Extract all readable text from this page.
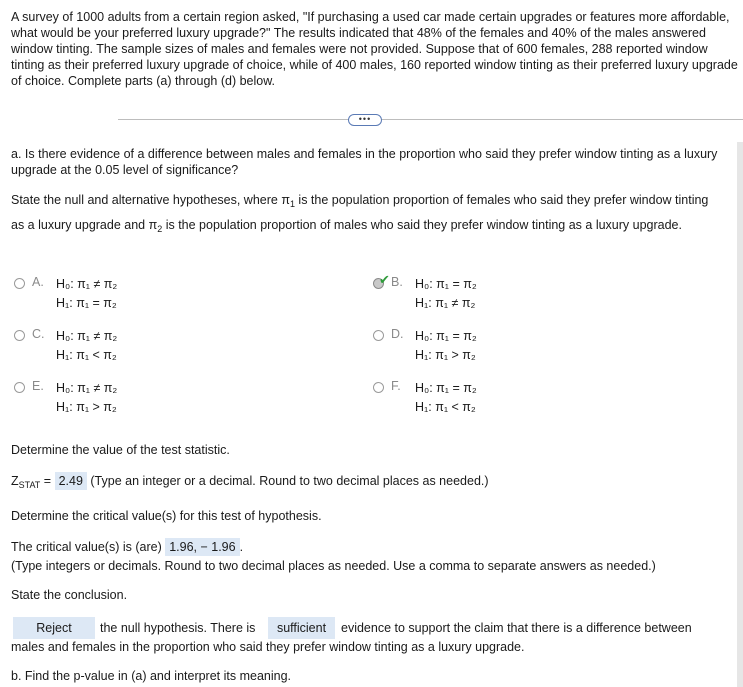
A survey of 1000 adults from a certain region asked, "If purchasing a used car made certain upgrades or features more affordable, what would be your preferred luxury upgrade?" The results indicated that 48% of the females and 40% of the males answered window tinting. The sample sizes of males and females were not provided. Suppose that of 600 females, 288 reported window tinting as their preferred luxury upgrade of choice, while of 400 males, 160 reported window tinting as their preferred luxury upgrade of choice. Complete parts (a) through (d) below.
•••
a. Is there evidence of a difference between males and females in the proportion who said they prefer window tinting as a luxury upgrade at the 0.05 level of significance?
State the null and alternative hypotheses, where $\pi_1$ is the population proportion of females who said they prefer window tinting as a luxury upgrade and $\pi_2$ is the population proportion of males who said they prefer window tinting as a luxury upgrade.
A. H₀: π₁ ≠ π₂
H₁: π₁ = π₂
✔ B. H₀: π₁ = π₂
H₁: π₁ ≠ π₂
C. H₀: π₁ ≠ π₂
H₁: π₁ < π₂
D. H₀: π₁ = π₂
H₁: π₁ > π₂
E. H₀: π₁ ≠ π₂
H₁: π₁ > π₂
F. H₀: π₁ = π₂
H₁: π₁ < π₂
Determine the value of the test statistic.
$Z_{STAT} = 2.49$ (Type an integer or a decimal. Round to two decimal places as needed.)
Determine the critical value(s) for this test of hypothesis.
The critical value(s) is (are) 1.96, − 1.96 .
(Type integers or decimals. Round to two decimal places as needed. Use a comma to separate answers as needed.)
State the conclusion.
Reject	the null hypothesis. There is	sufficient	evidence to support the claim that there is a difference between
males and females in the proportion who said they prefer window tinting as a luxury upgrade.
b. Find the p-value in (a) and interpret its meaning.
